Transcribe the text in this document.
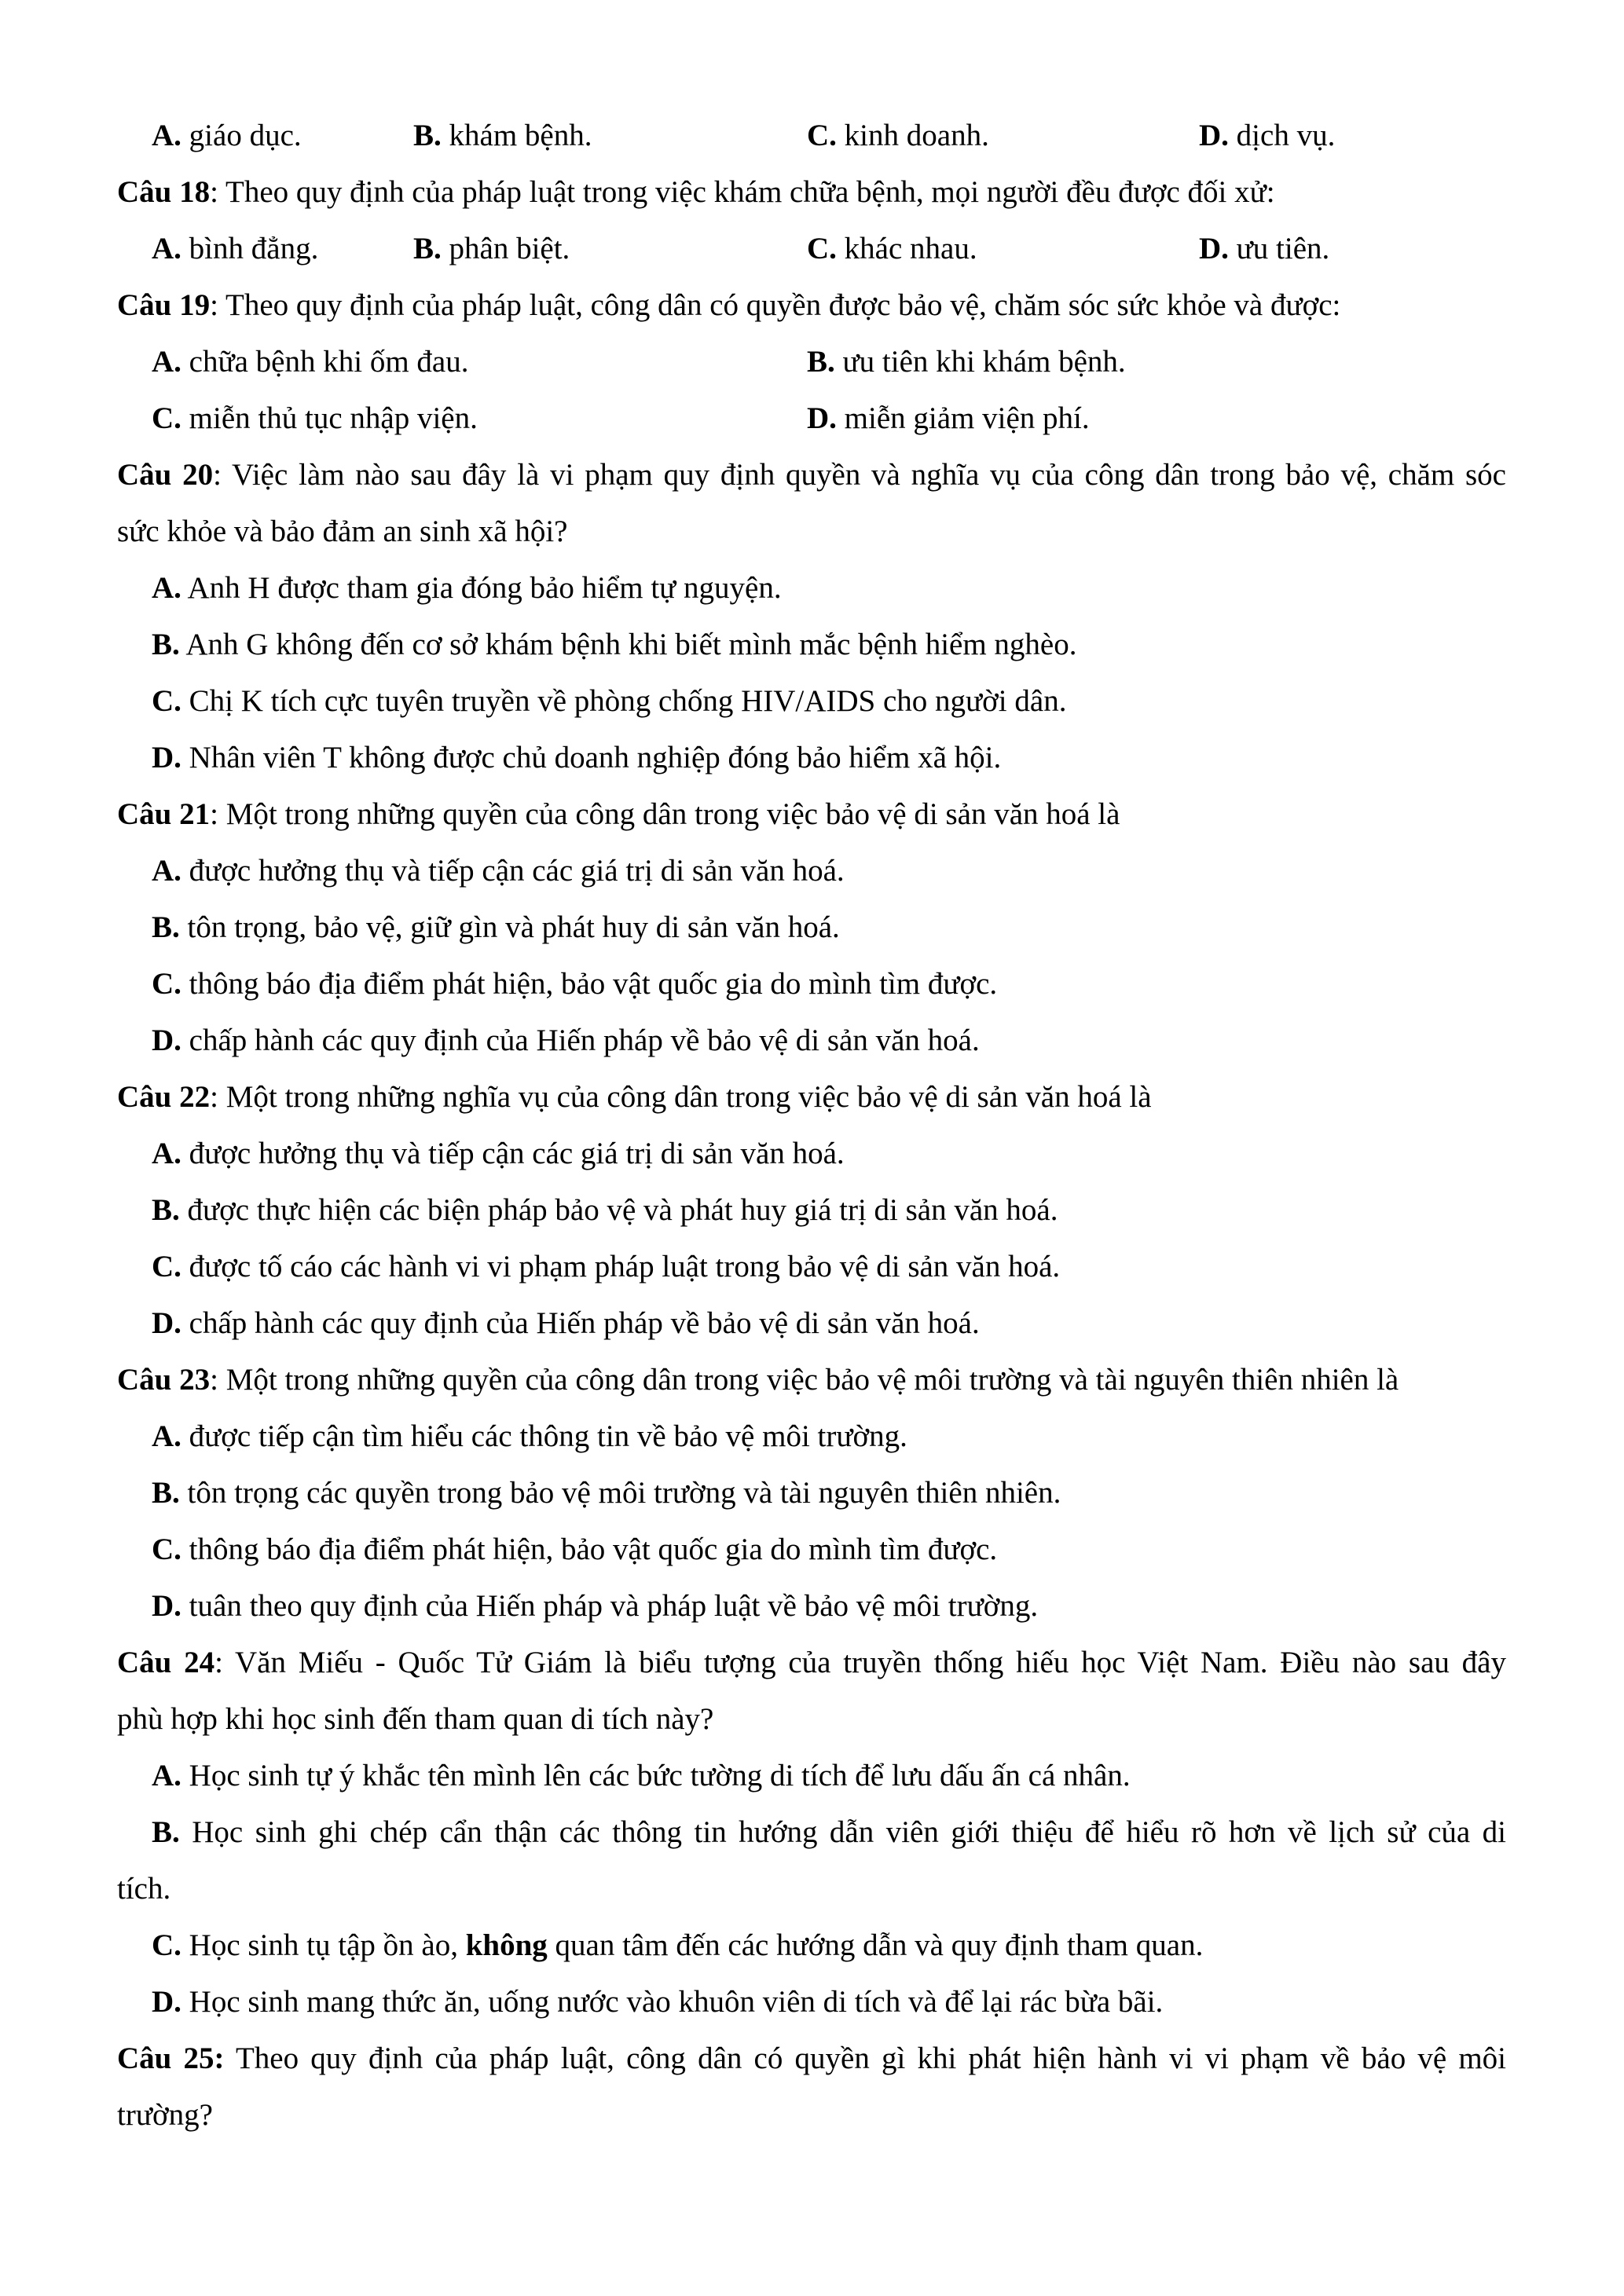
A. giáo dục.	B. khám bệnh.	C. kinh doanh.	D. dịch vụ.
Câu 18: Theo quy định của pháp luật trong việc khám chữa bệnh, mọi người đều được đối xử:
A. bình đẳng.	B. phân biệt.	C. khác nhau.	D. ưu tiên.
Câu 19: Theo quy định của pháp luật, công dân có quyền được bảo vệ, chăm sóc sức khỏe và được:
A. chữa bệnh khi ốm đau.	B. ưu tiên khi khám bệnh.
C. miễn thủ tục nhập viện.	D. miễn giảm viện phí.
Câu 20: Việc làm nào sau đây là vi phạm quy định quyền và nghĩa vụ của công dân trong bảo vệ, chăm sóc
sức khỏe và bảo đảm an sinh xã hội?
A. Anh H được tham gia đóng bảo hiểm tự nguyện.
B. Anh G không đến cơ sở khám bệnh khi biết mình mắc bệnh hiểm nghèo.
C. Chị K tích cực tuyên truyền về phòng chống HIV/AIDS cho người dân.
D. Nhân viên T không được chủ doanh nghiệp đóng bảo hiểm xã hội.
Câu 21: Một trong những quyền của công dân trong việc bảo vệ di sản văn hoá là
A. được hưởng thụ và tiếp cận các giá trị di sản văn hoá.
B. tôn trọng, bảo vệ, giữ gìn và phát huy di sản văn hoá.
C. thông báo địa điểm phát hiện, bảo vật quốc gia do mình tìm được.
D. chấp hành các quy định của Hiến pháp về bảo vệ di sản văn hoá.
Câu 22: Một trong những nghĩa vụ của công dân trong việc bảo vệ di sản văn hoá là
A. được hưởng thụ và tiếp cận các giá trị di sản văn hoá.
B. được thực hiện các biện pháp bảo vệ và phát huy giá trị di sản văn hoá.
C. được tố cáo các hành vi vi phạm pháp luật trong bảo vệ di sản văn hoá.
D. chấp hành các quy định của Hiến pháp về bảo vệ di sản văn hoá.
Câu 23: Một trong những quyền của công dân trong việc bảo vệ môi trường và tài nguyên thiên nhiên là
A. được tiếp cận tìm hiểu các thông tin về bảo vệ môi trường.
B. tôn trọng các quyền trong bảo vệ môi trường và tài nguyên thiên nhiên.
C. thông báo địa điểm phát hiện, bảo vật quốc gia do mình tìm được.
D. tuân theo quy định của Hiến pháp và pháp luật về bảo vệ môi trường.
Câu 24: Văn Miếu - Quốc Tử Giám là biểu tượng của truyền thống hiếu học Việt Nam. Điều nào sau đây
phù hợp khi học sinh đến tham quan di tích này?
A. Học sinh tự ý khắc tên mình lên các bức tường di tích để lưu dấu ấn cá nhân.
B. Học sinh ghi chép cẩn thận các thông tin hướng dẫn viên giới thiệu để hiểu rõ hơn về lịch sử của di
tích.
C. Học sinh tụ tập ồn ào, không quan tâm đến các hướng dẫn và quy định tham quan.
D. Học sinh mang thức ăn, uống nước vào khuôn viên di tích và để lại rác bừa bãi.
Câu 25: Theo quy định của pháp luật, công dân có quyền gì khi phát hiện hành vi vi phạm về bảo vệ môi
trường?
